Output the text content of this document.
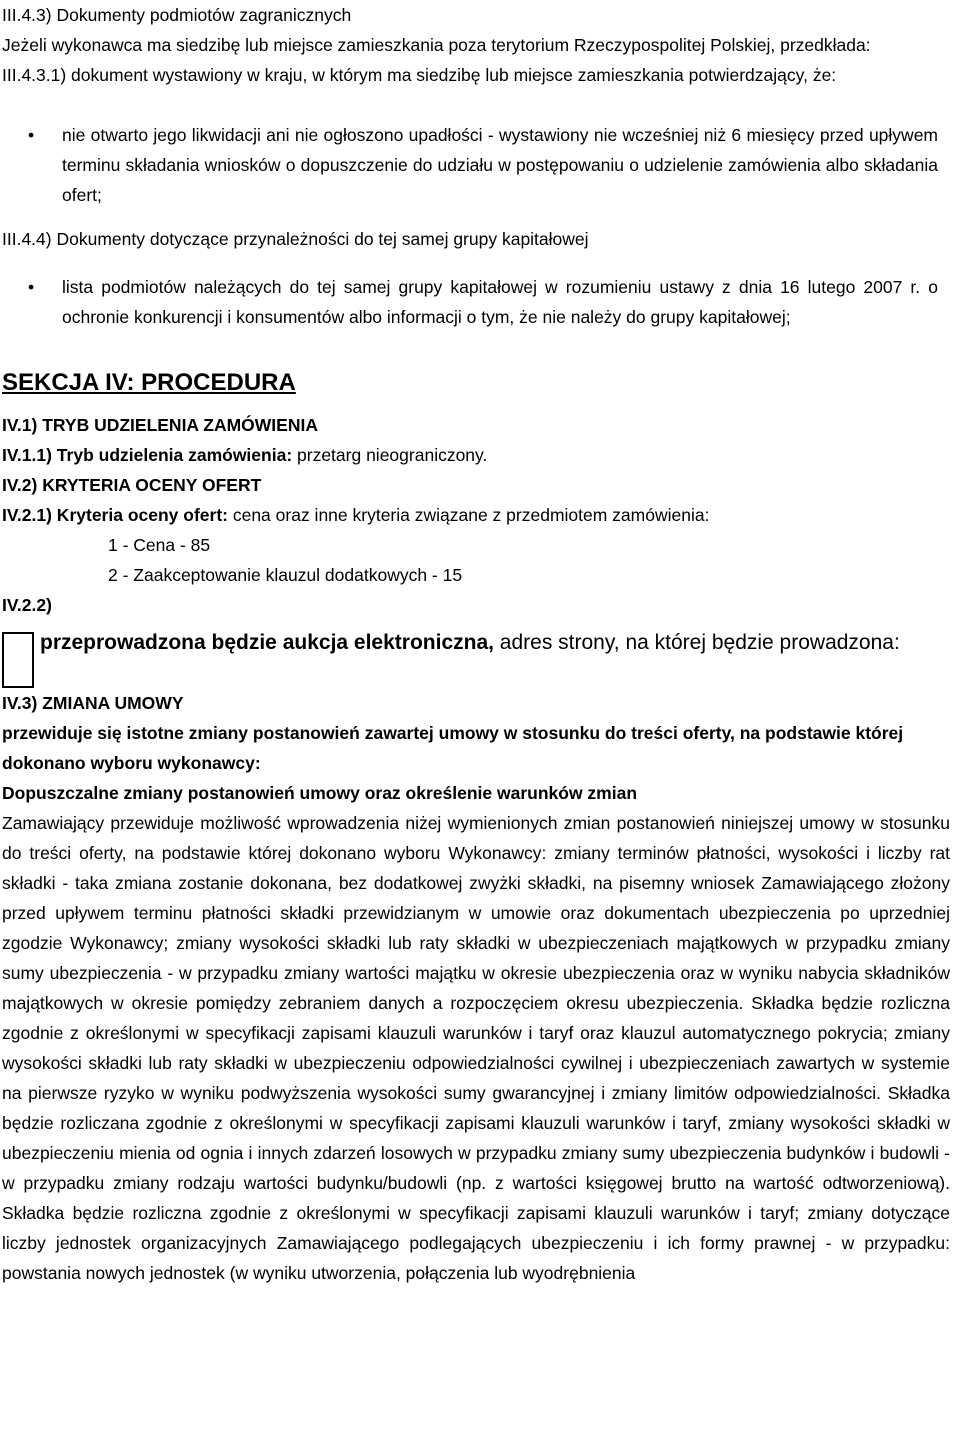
III.4.3) Dokumenty podmiotów zagranicznych

Jeżeli wykonawca ma siedzibę lub miejsce zamieszkania poza terytorium Rzeczypospolitej Polskiej, przedkłada:

III.4.3.1) dokument wystawiony w kraju, w którym ma siedzibę lub miejsce zamieszkania potwierdzający, że:

• nie otwarto jego likwidacji ani nie ogłoszono upadłości - wystawiony nie wcześniej niż 6 miesięcy przed upływem terminu składania wniosków o dopuszczenie do udziału w postępowaniu o udzielenie zamówienia albo składania ofert;

III.4.4) Dokumenty dotyczące przynależności do tej samej grupy kapitałowej

• lista podmiotów należących do tej samej grupy kapitałowej w rozumieniu ustawy z dnia 16 lutego 2007 r. o ochronie konkurencji i konsumentów albo informacji o tym, że nie należy do grupy kapitałowej;

SEKCJA IV: PROCEDURA

IV.1) TRYB UDZIELENIA ZAMÓWIENIA

IV.1.1) Tryb udzielenia zamówienia: przetarg nieograniczony.

IV.2) KRYTERIA OCENY OFERT

IV.2.1) Kryteria oceny ofert: cena oraz inne kryteria związane z przedmiotem zamówienia:

1 - Cena - 85

2 - Zaakceptowanie klauzul dodatkowych - 15

IV.2.2)

przeprowadzona będzie aukcja elektroniczna, adres strony, na której będzie prowadzona:

IV.3) ZMIANA UMOWY

przewiduje się istotne zmiany postanowień zawartej umowy w stosunku do treści oferty, na podstawie której dokonano wyboru wykonawcy:

Dopuszczalne zmiany postanowień umowy oraz określenie warunków zmian

Zamawiający przewiduje możliwość wprowadzenia niżej wymienionych zmian postanowień niniejszej umowy w stosunku do treści oferty, na podstawie której dokonano wyboru Wykonawcy: zmiany terminów płatności, wysokości i liczby rat składki - taka zmiana zostanie dokonana, bez dodatkowej zwyżki składki, na pisemny wniosek Zamawiającego złożony przed upływem terminu płatności składki przewidzianym w umowie oraz dokumentach ubezpieczenia po uprzedniej zgodzie Wykonawcy; zmiany wysokości składki lub raty składki w ubezpieczeniach majątkowych w przypadku zmiany sumy ubezpieczenia - w przypadku zmiany wartości majątku w okresie ubezpieczenia oraz w wyniku nabycia składników majątkowych w okresie pomiędzy zebraniem danych a rozpoczęciem okresu ubezpieczenia. Składka będzie rozliczna zgodnie z określonymi w specyfikacji zapisami klauzuli warunków i taryf oraz klauzul automatycznego pokrycia; zmiany wysokości składki lub raty składki w ubezpieczeniu odpowiedzialności cywilnej i ubezpieczeniach zawartych w systemie na pierwsze ryzyko w wyniku podwyższenia wysokości sumy gwarancyjnej i zmiany limitów odpowiedzialności. Składka będzie rozliczana zgodnie z określonymi w specyfikacji zapisami klauzuli warunków i taryf, zmiany wysokości składki w ubezpieczeniu mienia od ognia i innych zdarzeń losowych w przypadku zmiany sumy ubezpieczenia budynków i budowli - w przypadku zmiany rodzaju wartości budynku/budowli (np. z wartości księgowej brutto na wartość odtworzeniową). Składka będzie rozliczna zgodnie z określonymi w specyfikacji zapisami klauzuli warunków i taryf; zmiany dotyczące liczby jednostek organizacyjnych Zamawiającego podlegających ubezpieczeniu i ich formy prawnej - w przypadku: powstania nowych jednostek (w wyniku utworzenia, połączenia lub wyodrębnienia
